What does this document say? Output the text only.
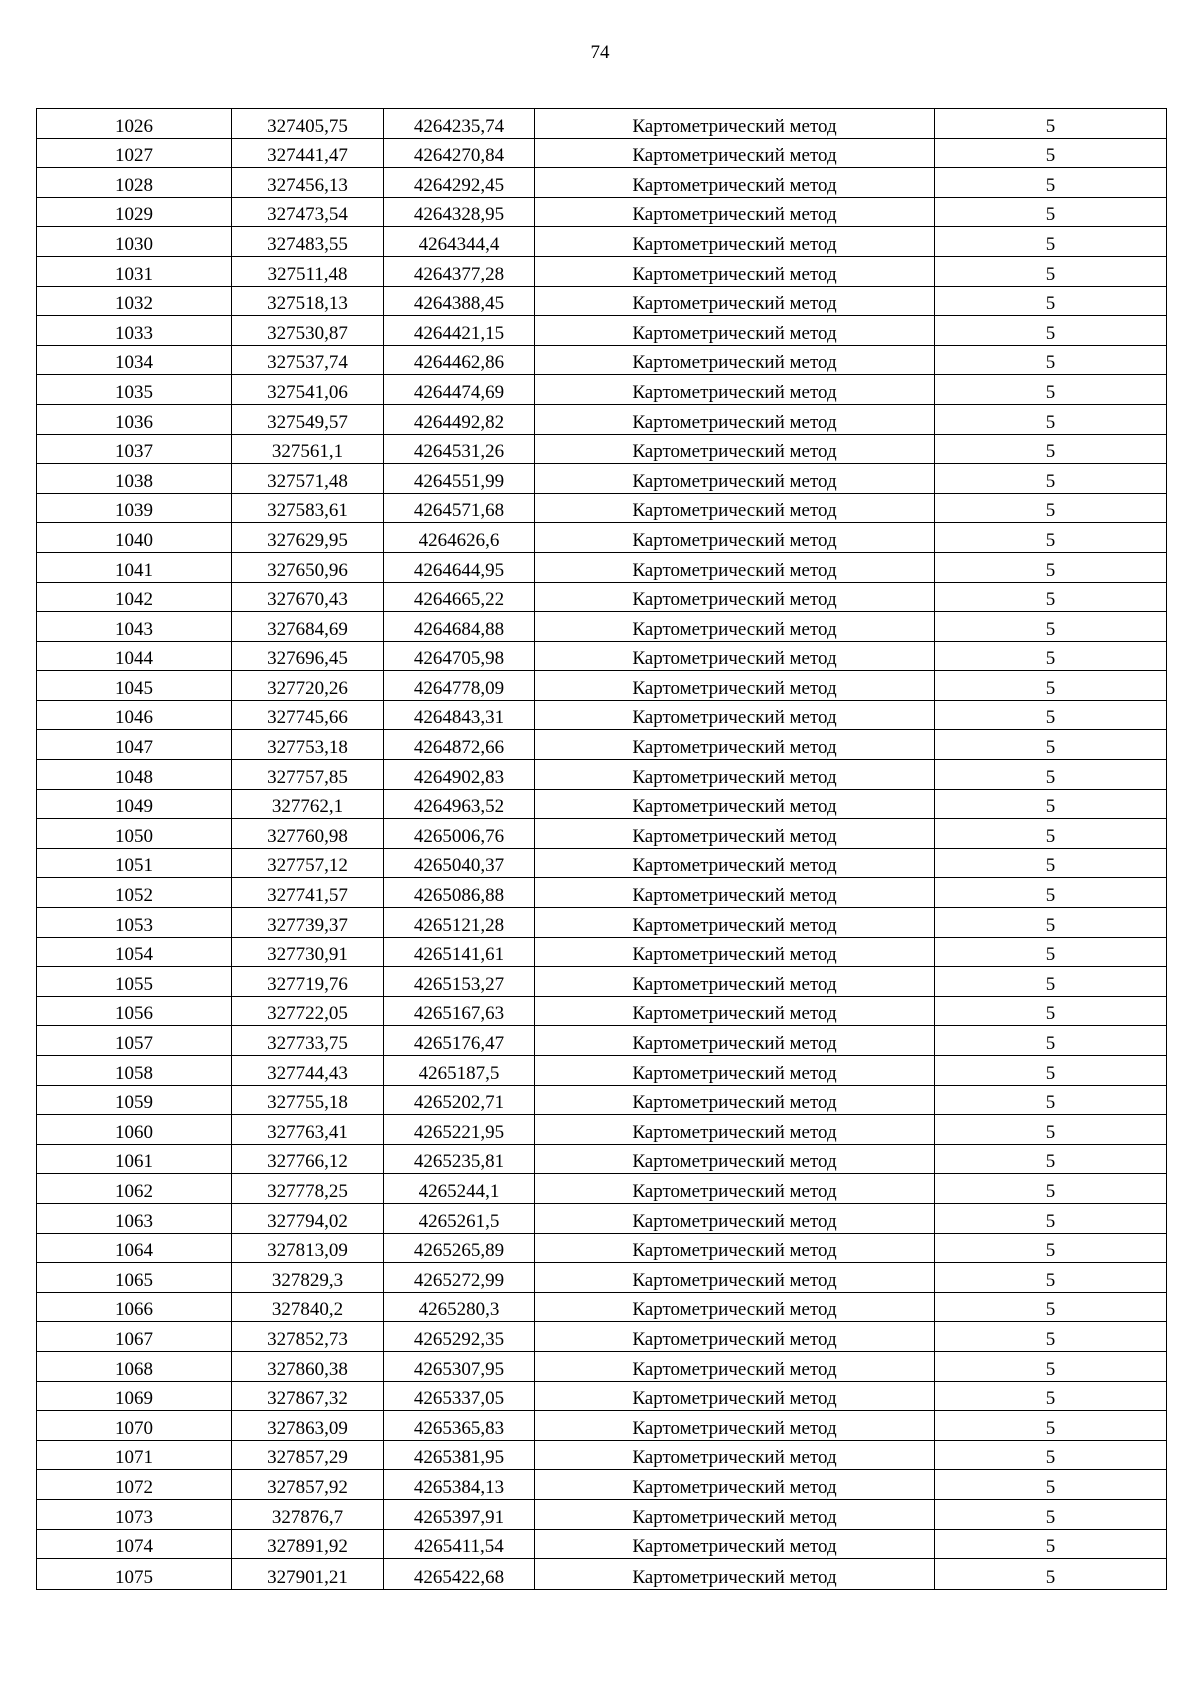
74
1026	327405,75	4264235,74	Картометрический метод	5
1027	327441,47	4264270,84	Картометрический метод	5
1028	327456,13	4264292,45	Картометрический метод	5
1029	327473,54	4264328,95	Картометрический метод	5
1030	327483,55	4264344,4	Картометрический метод	5
1031	327511,48	4264377,28	Картометрический метод	5
1032	327518,13	4264388,45	Картометрический метод	5
1033	327530,87	4264421,15	Картометрический метод	5
1034	327537,74	4264462,86	Картометрический метод	5
1035	327541,06	4264474,69	Картометрический метод	5
1036	327549,57	4264492,82	Картометрический метод	5
1037	327561,1	4264531,26	Картометрический метод	5
1038	327571,48	4264551,99	Картометрический метод	5
1039	327583,61	4264571,68	Картометрический метод	5
1040	327629,95	4264626,6	Картометрический метод	5
1041	327650,96	4264644,95	Картометрический метод	5
1042	327670,43	4264665,22	Картометрический метод	5
1043	327684,69	4264684,88	Картометрический метод	5
1044	327696,45	4264705,98	Картометрический метод	5
1045	327720,26	4264778,09	Картометрический метод	5
1046	327745,66	4264843,31	Картометрический метод	5
1047	327753,18	4264872,66	Картометрический метод	5
1048	327757,85	4264902,83	Картометрический метод	5
1049	327762,1	4264963,52	Картометрический метод	5
1050	327760,98	4265006,76	Картометрический метод	5
1051	327757,12	4265040,37	Картометрический метод	5
1052	327741,57	4265086,88	Картометрический метод	5
1053	327739,37	4265121,28	Картометрический метод	5
1054	327730,91	4265141,61	Картометрический метод	5
1055	327719,76	4265153,27	Картометрический метод	5
1056	327722,05	4265167,63	Картометрический метод	5
1057	327733,75	4265176,47	Картометрический метод	5
1058	327744,43	4265187,5	Картометрический метод	5
1059	327755,18	4265202,71	Картометрический метод	5
1060	327763,41	4265221,95	Картометрический метод	5
1061	327766,12	4265235,81	Картометрический метод	5
1062	327778,25	4265244,1	Картометрический метод	5
1063	327794,02	4265261,5	Картометрический метод	5
1064	327813,09	4265265,89	Картометрический метод	5
1065	327829,3	4265272,99	Картометрический метод	5
1066	327840,2	4265280,3	Картометрический метод	5
1067	327852,73	4265292,35	Картометрический метод	5
1068	327860,38	4265307,95	Картометрический метод	5
1069	327867,32	4265337,05	Картометрический метод	5
1070	327863,09	4265365,83	Картометрический метод	5
1071	327857,29	4265381,95	Картометрический метод	5
1072	327857,92	4265384,13	Картометрический метод	5
1073	327876,7	4265397,91	Картометрический метод	5
1074	327891,92	4265411,54	Картометрический метод	5
1075	327901,21	4265422,68	Картометрический метод	5
